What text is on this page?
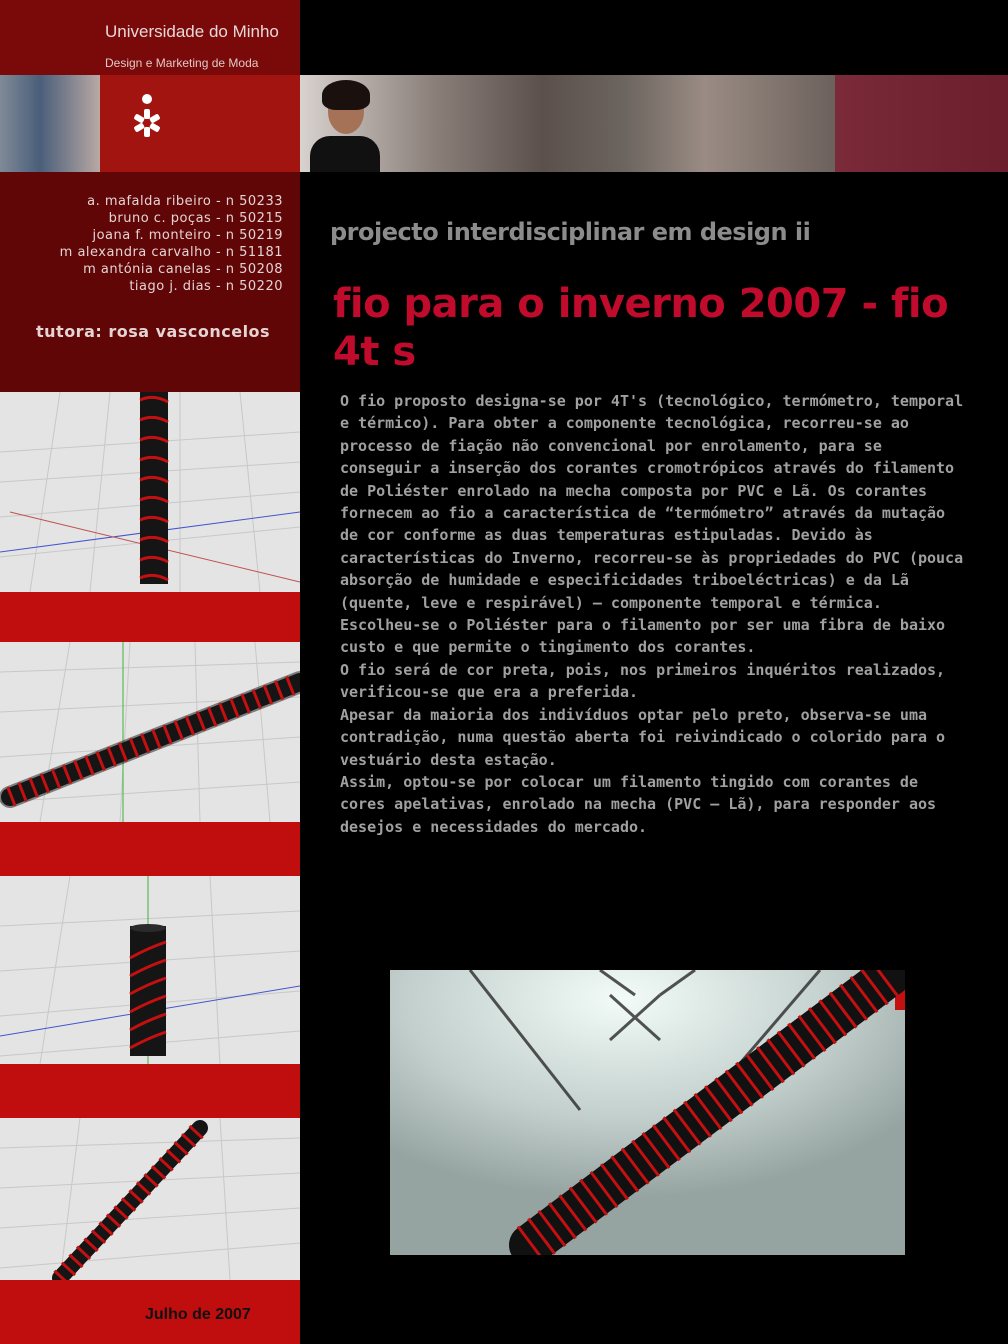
Universidade do Minho
Design e Marketing de Moda
a. mafalda ribeiro - n 50233
bruno c. poças - n 50215
joana f. monteiro - n 50219
m alexandra carvalho - n 51181
m antónia canelas - n 50208
tiago j. dias - n 50220
tutora: rosa vasconcelos
Julho de 2007
projecto interdisciplinar em design ii
fio para o inverno 2007 - fio 4t s

O fio proposto designa-se por 4T's (tecnológico, termómetro, temporal e térmico). Para obter a componente tecnológica, recorreu-se ao processo de fiação não convencional por enrolamento, para se conseguir a inserção dos corantes cromotrópicos através do filamento de Poliéster enrolado na mecha composta por PVC e Lã. Os corantes fornecem ao fio a característica de “termómetro” através da mutação de cor conforme as duas temperaturas estipuladas. Devido às características do Inverno, recorreu-se às propriedades do PVC (pouca absorção de humidade e especificidades triboeléctricas) e da Lã (quente, leve e respirável) – componente temporal e térmica. Escolheu-se o Poliéster para o filamento por ser uma fibra de baixo custo e que permite o tingimento dos corantes.

O fio será de cor preta, pois, nos primeiros inquéritos realizados, verificou-se que era a preferida.

Apesar da maioria dos indivíduos optar pelo preto, observa-se uma contradição, numa questão aberta foi reivindicado o colorido para o vestuário desta estação.

Assim, optou-se por colocar um filamento tingido com corantes de cores apelativas, enrolado na mecha (PVC – Lã), para responder aos desejos e necessidades do mercado.
